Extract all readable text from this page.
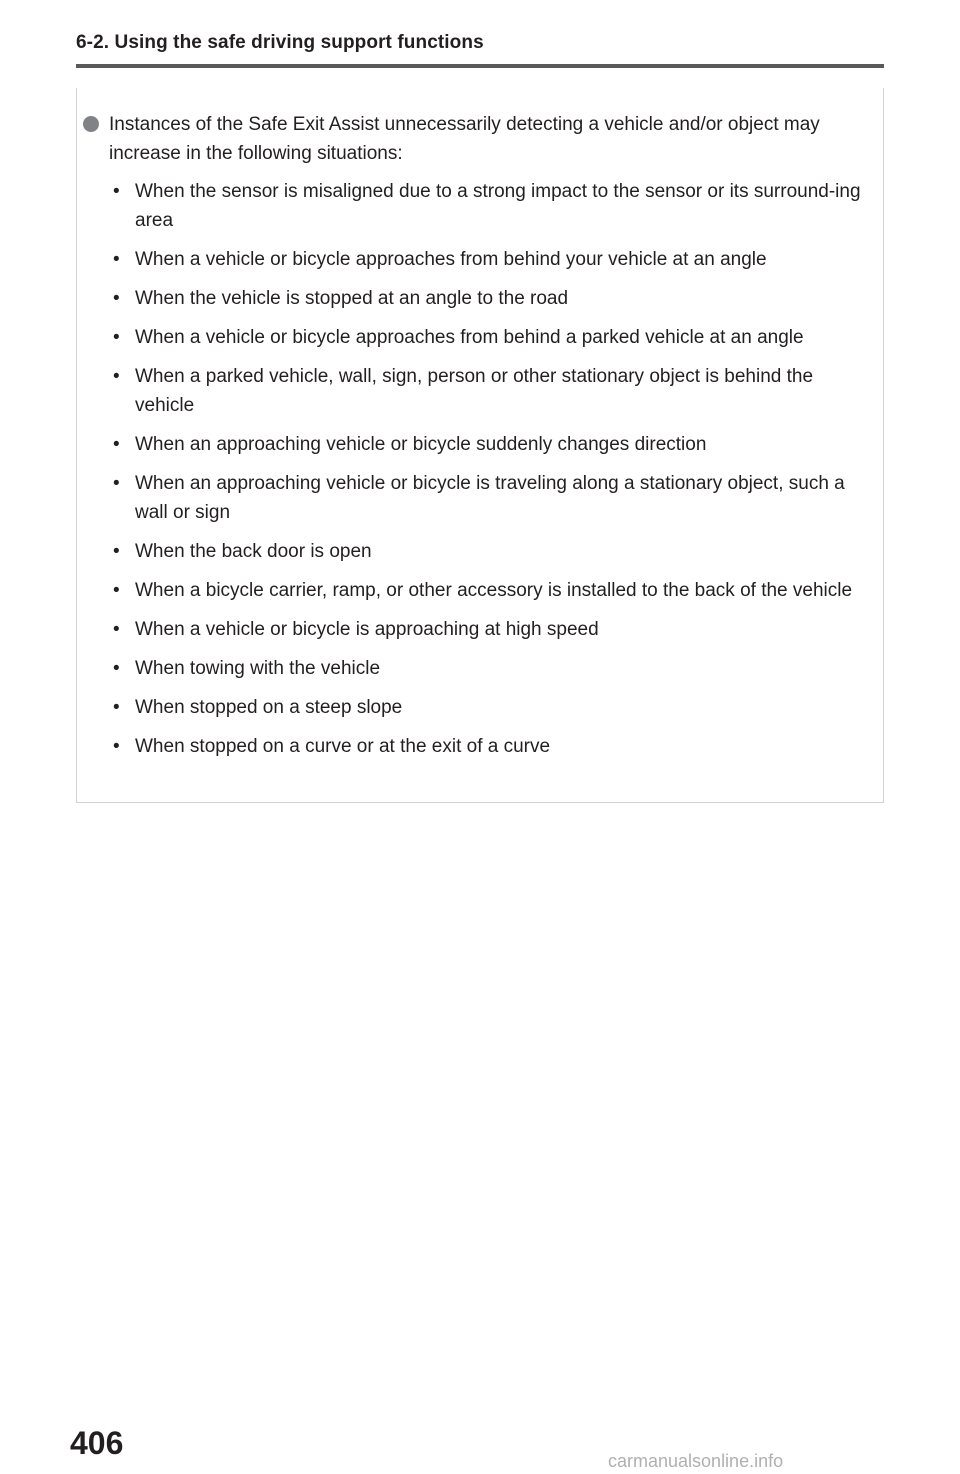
6-2. Using the safe driving support functions
Instances of the Safe Exit Assist unnecessarily detecting a vehicle and/or object may increase in the following situations:
• When the sensor is misaligned due to a strong impact to the sensor or its surround-ing area
• When a vehicle or bicycle approaches from behind your vehicle at an angle
• When the vehicle is stopped at an angle to the road
• When a vehicle or bicycle approaches from behind a parked vehicle at an angle
• When a parked vehicle, wall, sign, person or other stationary object is behind the vehicle
• When an approaching vehicle or bicycle suddenly changes direction
• When an approaching vehicle or bicycle is traveling along a stationary object, such a wall or sign
• When the back door is open
• When a bicycle carrier, ramp, or other accessory is installed to the back of the vehicle
• When a vehicle or bicycle is approaching at high speed
• When towing with the vehicle
• When stopped on a steep slope
• When stopped on a curve or at the exit of a curve
406	carmanualsonline.info
